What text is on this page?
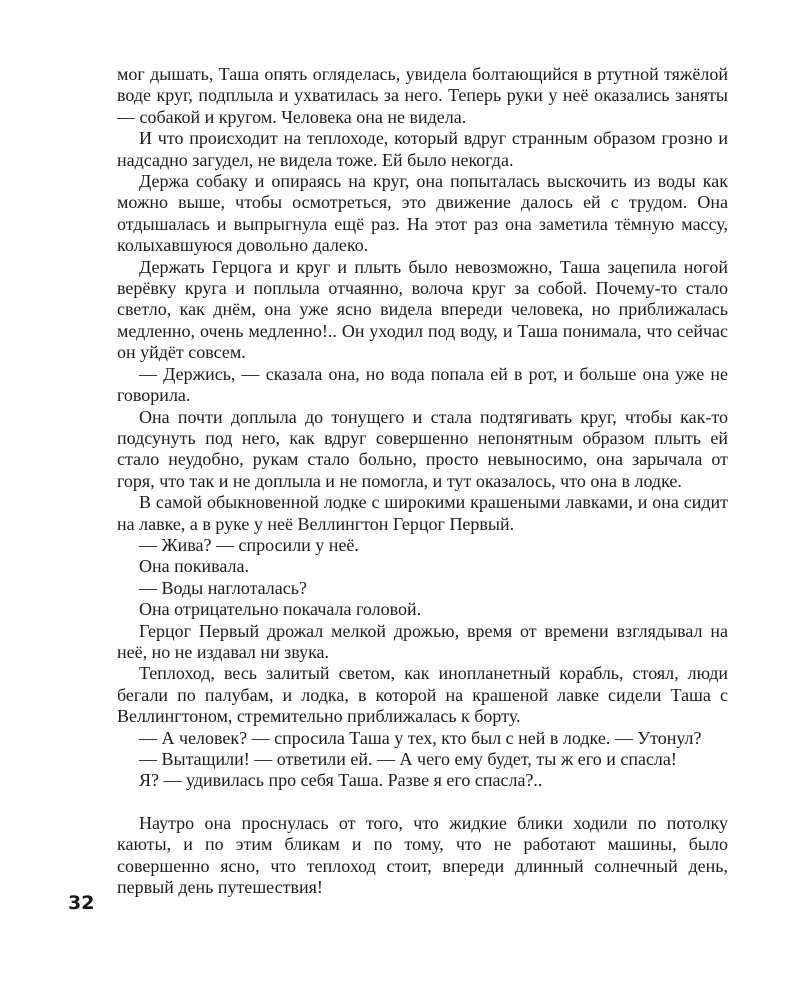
мог дышать, Таша опять огляделась, увидела болтающийся в ртутной тяжёлой воде круг, подплыла и ухватилась за него. Теперь руки у неё оказались заняты — собакой и кругом. Человека она не видела.

И что происходит на теплоходе, который вдруг странным образом грозно и надсадно загудел, не видела тоже. Ей было некогда.

Держа собаку и опираясь на круг, она попыталась выскочить из воды как можно выше, чтобы осмотреться, это движение далось ей с трудом. Она отдышалась и выпрыгнула ещё раз. На этот раз она заметила тёмную массу, колыхавшуюся довольно далеко.

Держать Герцога и круг и плыть было невозможно, Таша зацепила ногой верёвку круга и поплыла отчаянно, волоча круг за собой. Почему-то стало светло, как днём, она уже ясно видела впереди человека, но приближалась медленно, очень медленно!.. Он уходил под воду, и Таша понимала, что сейчас он уйдёт совсем.

— Держись, — сказала она, но вода попала ей в рот, и больше она уже не говорила.

Она почти доплыла до тонущего и стала подтягивать круг, чтобы как-то подсунуть под него, как вдруг совершенно непонятным образом плыть ей стало неудобно, рукам стало больно, просто невыносимо, она зарычала от горя, что так и не доплыла и не помогла, и тут оказалось, что она в лодке.

В самой обыкновенной лодке с широкими крашеными лавками, и она сидит на лавке, а в руке у неё Веллингтон Герцог Первый.

— Жива? — спросили у неё.

Она покивала.

— Воды наглоталась?

Она отрицательно покачала головой.

Герцог Первый дрожал мелкой дрожью, время от времени взглядывал на неё, но не издавал ни звука.

Теплоход, весь залитый светом, как инопланетный корабль, стоял, люди бегали по палубам, и лодка, в которой на крашеной лавке сидели Таша с Веллингтоном, стремительно приближалась к борту.

— А человек? — спросила Таша у тех, кто был с ней в лодке. — Утонул?

— Вытащили! — ответили ей. — А чего ему будет, ты ж его и спасла!

Я? — удивилась про себя Таша. Разве я его спасла?..

Наутро она проснулась от того, что жидкие блики ходили по потолку каюты, и по этим бликам и по тому, что не работают машины, было совершенно ясно, что теплоход стоит, впереди длинный солнечный день, первый день путешествия!

32
